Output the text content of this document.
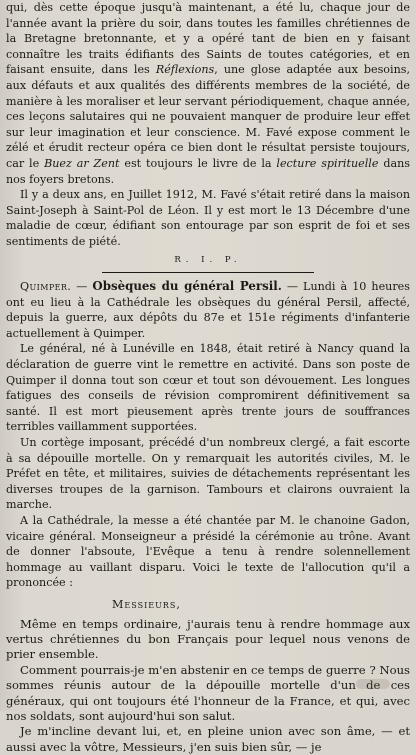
qui, dès cette époque jusqu'à maintenant, a été lu, chaque jour de l'année avant la prière du soir, dans toutes les familles chrétiennes de la Bretagne bretonnante, et y a opéré tant de bien en y faisant connaître les traits édifiants des Saints de toutes catégories, et en faisant ensuite, dans les Réflexions, une glose adaptée aux besoins, aux défauts et aux qualités des différents membres de la société, de manière à les moraliser et leur servant périodiquement, chaque année, ces leçons salutaires qui ne pouvaient manquer de produire leur effet sur leur imagination et leur conscience. M. Favé expose comment le zélé et érudit recteur opéra ce bien dont le résultat persiste toujours, car le Buez ar Zent est toujours le livre de la lecture spirituelle dans nos foyers bretons.

Il y a deux ans, en Juillet 1912, M. Favé s'était retiré dans la maison Saint-Joseph à Saint-Pol de Léon. Il y est mort le 13 Décembre d'une maladie de cœur, édifiant son entourage par son esprit de foi et ses sentiments de piété.

R. I. P.

Quimper. — Obsèques du général Persil. — Lundi à 10 heures ont eu lieu à la Cathédrale les obsèques du général Persil, affecté, depuis la guerre, aux dépôts du 87e et 151e régiments d'infanterie actuellement à Quimper.

Le général, né à Lunéville en 1848, était retiré à Nancy quand la déclaration de guerre vint le remettre en activité. Dans son poste de Quimper il donna tout son cœur et tout son dévouement. Les longues fatigues des conseils de révision compromirent définitivement sa santé. Il est mort pieusement après trente jours de souffrances terribles vaillamment supportées.

Un cortège imposant, précédé d'un nombreux clergé, a fait escorte à sa dépouille mortelle. On y remarquait les autorités civiles, M. le Préfet en tête, et militaires, suivies de détachements représentant les diverses troupes de la garnison. Tambours et clairons ouvraient la marche.

A la Cathédrale, la messe a été chantée par M. le chanoine Gadon, vicaire général. Monseigneur a présidé la cérémonie au trône. Avant de donner l'absoute, l'Evêque a tenu à rendre solennellement hommage au vaillant disparu. Voici le texte de l'allocution qu'il a prononcée :

Messieurs,

Même en temps ordinaire, j'aurais tenu à rendre hommage aux vertus chrétiennes du bon Français pour lequel nous venons de prier ensemble.

Comment pourrais-je m'en abstenir en ce temps de guerre ? Nous sommes réunis autour de la dépouille mortelle d'un de ces généraux, qui ont toujours été l'honneur de la France, et qui, avec nos soldats, sont aujourd'hui son salut.

Je m'incline devant lui, et, en pleine union avec son âme, — et aussi avec la vôtre, Messieurs, j'en suis bien sûr, — je
